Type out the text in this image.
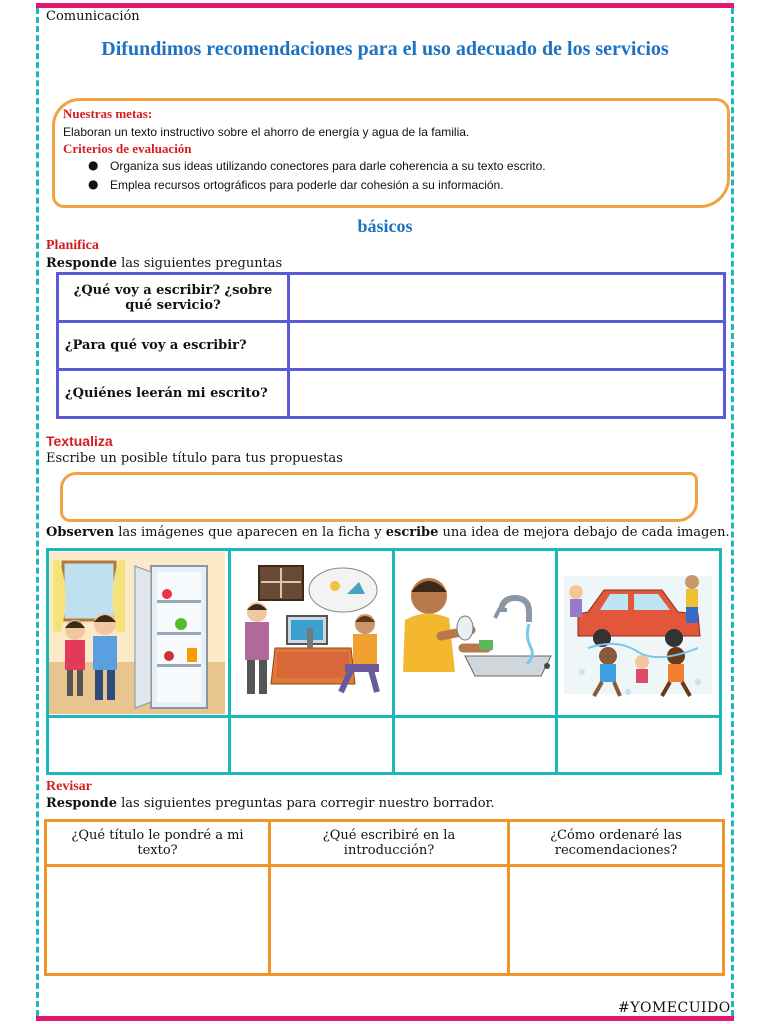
Comunicación
Difundimos recomendaciones para el uso adecuado de los servicios
Nuestras metas:
Elaboran un texto instructivo sobre el ahorro de energía y agua de la familia.
Criterios de evaluación
● Organiza sus ideas utilizando conectores para darle coherencia a su texto escrito.
● Emplea recursos ortográficos para poderle dar cohesión a su información.
básicos
Planifica
Responde las siguientes preguntas
¿Qué voy a escribir? ¿sobre qué servicio?	
¿Para qué voy a escribir?	
¿Quiénes leerán mi escrito?	
Textualiza
Escribe un posible título para tus propuestas
Observen las imágenes que aparecen en la ficha y escribe una idea de mejora debajo de cada imagen.

Revisar
Responde las siguientes preguntas para corregir nuestro borrador.
¿Qué título le pondré a mi texto?	¿Qué escribiré en la introducción?	¿Cómo ordenaré las recomendaciones?

#YOMECUIDO
